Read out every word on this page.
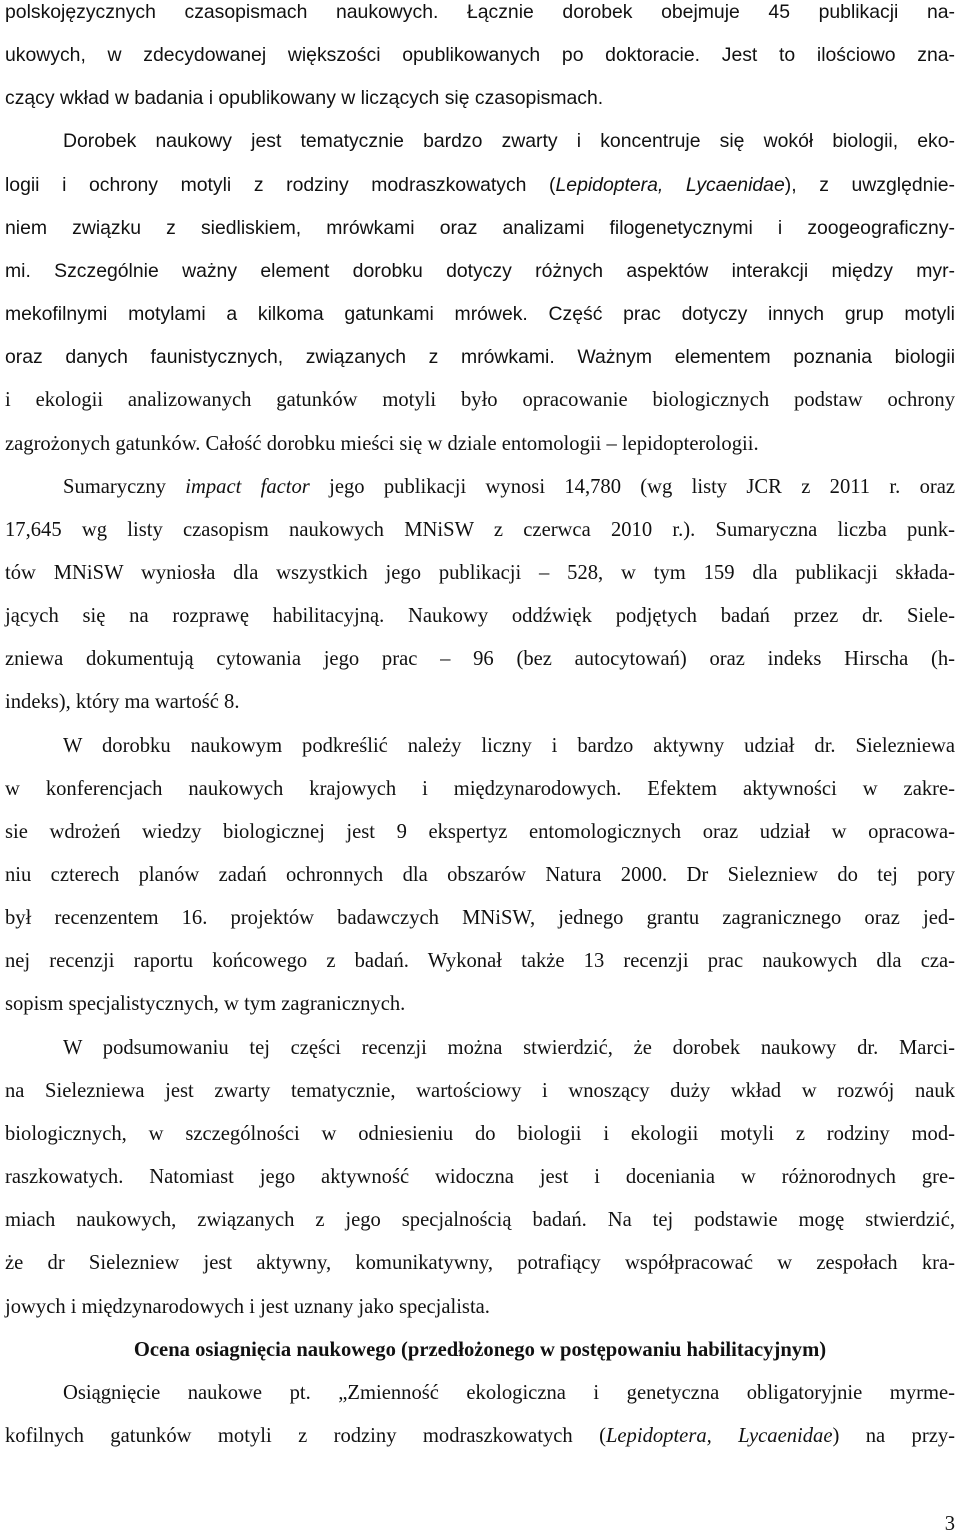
polskojęzycznych czasopismach naukowych. Łącznie dorobek obejmuje 45 publikacji na-
ukowych, w zdecydowanej większości opublikowanych po doktoracie. Jest to ilościowo zna-
czący wkład w badania i opublikowany w liczących się czasopismach.
Dorobek naukowy jest tematycznie bardzo zwarty i koncentruje się wokół biologii, eko-
logii i ochrony motyli z rodziny modraszkowatych (Lepidoptera, Lycaenidae), z uwzględnie-
niem związku z siedliskiem, mrówkami oraz analizami filogenetycznymi i zoogeograficzny-
mi. Szczególnie ważny element dorobku dotyczy różnych aspektów interakcji między myr-
mekofilnymi motylami a kilkoma gatunkami mrówek. Część prac dotyczy innych grup motyli
oraz danych faunistycznych, związanych z mrówkami. Ważnym elementem poznania biologii
i ekologii analizowanych gatunków motyli było opracowanie biologicznych podstaw ochrony
zagrożonych gatunków. Całość dorobku mieści się w dziale entomologii – lepidopterologii.
Sumaryczny impact factor jego publikacji wynosi 14,780 (wg listy JCR z 2011 r. oraz
17,645 wg listy czasopism naukowych MNiSW z czerwca 2010 r.). Sumaryczna liczba punk-
tów MNiSW wyniosła dla wszystkich jego publikacji – 528, w tym 159 dla publikacji składa-
jących się na rozprawę habilitacyjną. Naukowy oddźwięk podjętych badań przez dr. Siele-
zniewa dokumentują cytowania jego prac – 96 (bez autocytowań) oraz indeks Hirscha (h-
indeks), który ma wartość 8.
W dorobku naukowym podkreślić należy liczny i bardzo aktywny udział dr. Sielezniewa
w konferencjach naukowych krajowych i międzynarodowych. Efektem aktywności w zakre-
sie wdrożeń wiedzy biologicznej jest 9 ekspertyz entomologicznych oraz udział w opracowa-
niu czterech planów zadań ochronnych dla obszarów Natura 2000. Dr Sielezniew do tej pory
był recenzentem 16. projektów badawczych MNiSW, jednego grantu zagranicznego oraz jed-
nej recenzji raportu końcowego z badań. Wykonał także 13 recenzji prac naukowych dla cza-
sopism specjalistycznych, w tym zagranicznych.
W podsumowaniu tej części recenzji można stwierdzić, że dorobek naukowy dr. Marci-
na Sielezniewa jest zwarty tematycznie, wartościowy i wnoszący duży wkład w rozwój nauk
biologicznych, w szczególności w odniesieniu do biologii i ekologii motyli z rodziny mod-
raszkowatych. Natomiast jego aktywność widoczna jest i doceniania w różnorodnych gre-
miach naukowych, związanych z jego specjalnością badań. Na tej podstawie mogę stwierdzić,
że dr Sielezniew jest aktywny, komunikatywny, potrafiący współpracować w zespołach kra-
jowych i międzynarodowych i jest uznany jako specjalista.
Ocena osiagnięcia naukowego (przedłożonego w postępowaniu habilitacyjnym)
Osiągnięcie naukowe pt. „Zmienność ekologiczna i genetyczna obligatoryjnie myrme-
kofilnych gatunków motyli z rodziny modraszkowatych (Lepidoptera, Lycaenidae) na przy-
3
